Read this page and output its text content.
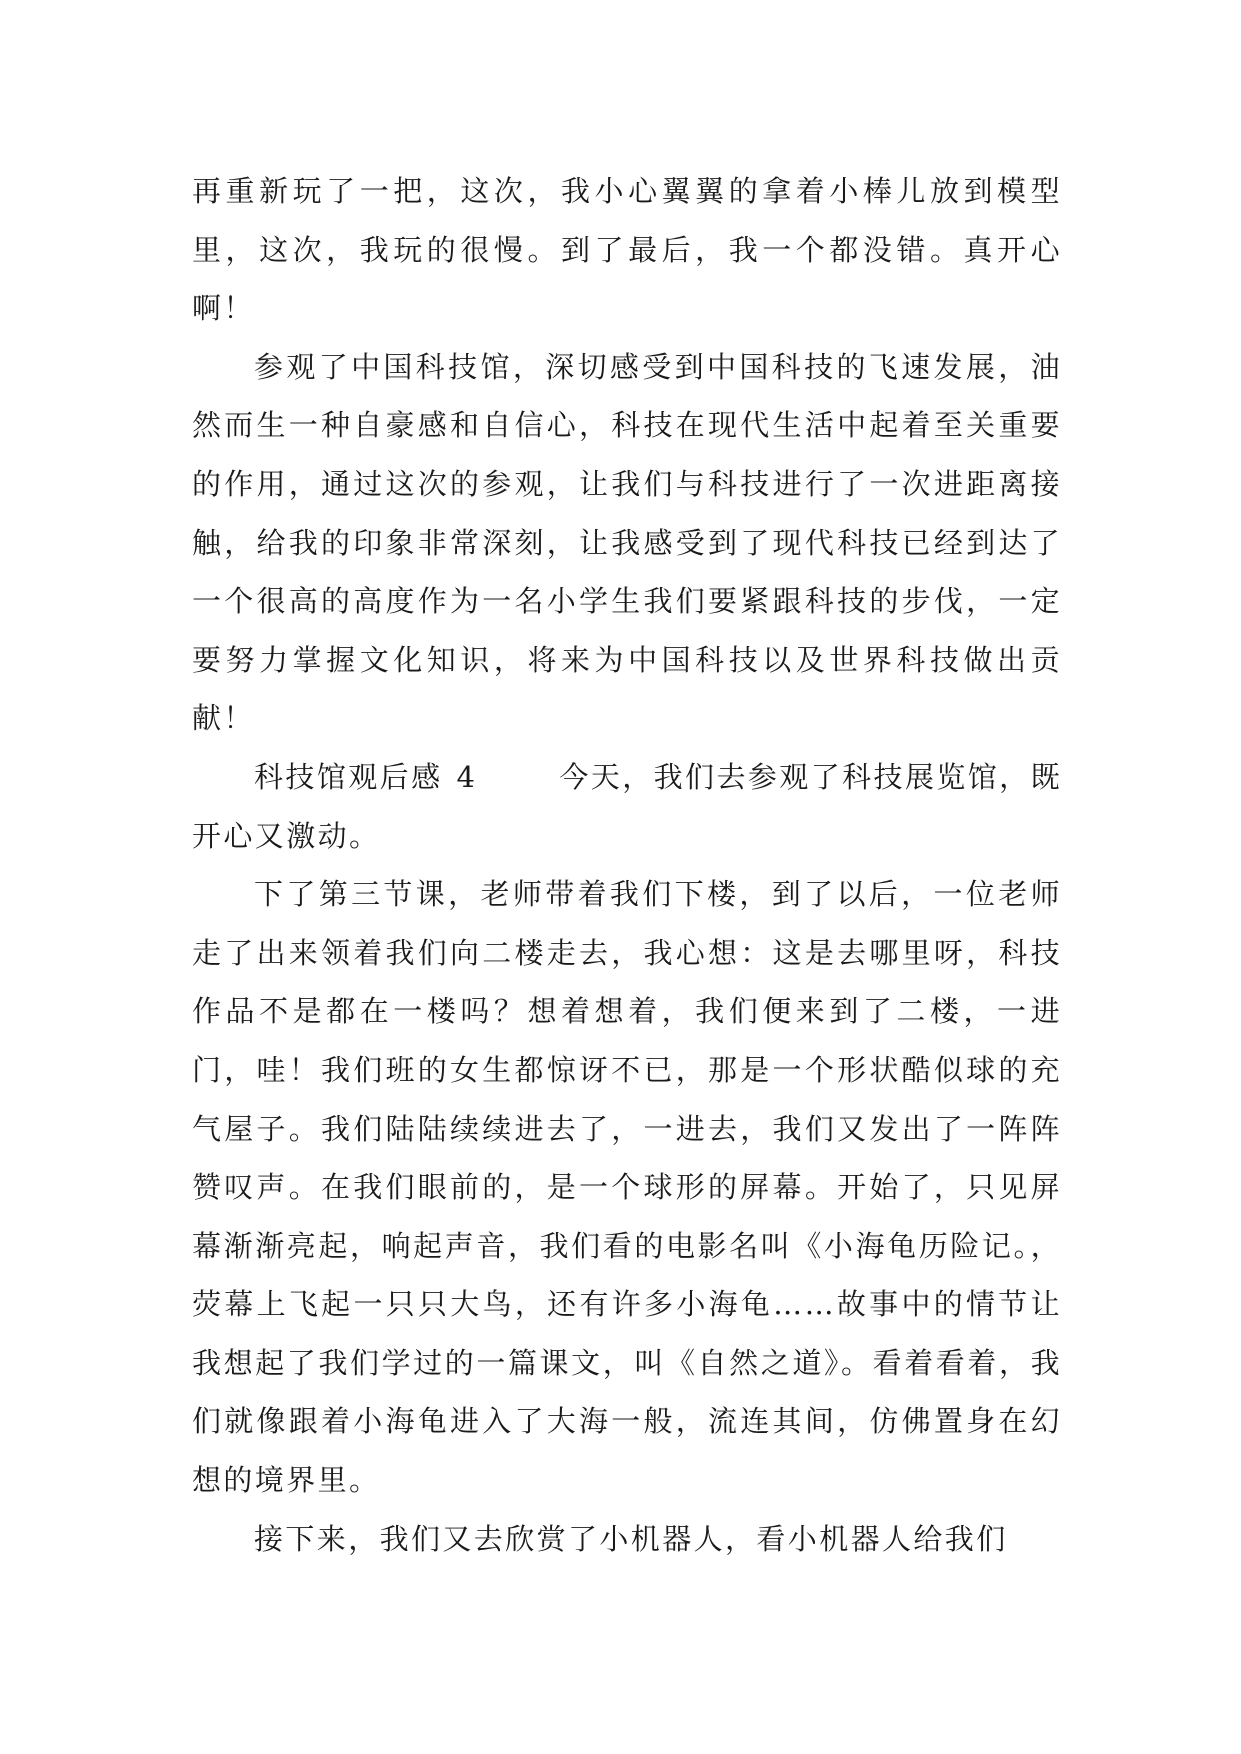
再重新玩了一把，这次，我小心翼翼的拿着小棒儿放到模型里，这次，我玩的很慢。到了最后，我一个都没错。真开心啊！

参观了中国科技馆，深切感受到中国科技的飞速发展，油然而生一种自豪感和自信心，科技在现代生活中起着至关重要的作用，通过这次的参观，让我们与科技进行了一次进距离接触，给我的印象非常深刻，让我感受到了现代科技已经到达了一个很高的高度作为一名小学生我们要紧跟科技的步伐，一定要努力掌握文化知识，将来为中国科技以及世界科技做出贡献！

科技馆观后感 4	今天，我们去参观了科技展览馆，既开心又激动。

下了第三节课，老师带着我们下楼，到了以后，一位老师走了出来领着我们向二楼走去，我心想：这是去哪里呀，科技作品不是都在一楼吗？想着想着，我们便来到了二楼，一进门，哇！我们班的女生都惊讶不已，那是一个形状酷似球的充气屋子。我们陆陆续续进去了，一进去，我们又发出了一阵阵赞叹声。在我们眼前的，是一个球形的屏幕。开始了，只见屏幕渐渐亮起，响起声音，我们看的电影名叫《小海龟历险记。，荧幕上飞起一只只大鸟，还有许多小海龟……故事中的情节让我想起了我们学过的一篇课文，叫《自然之道》。看着看着，我们就像跟着小海龟进入了大海一般，流连其间，仿佛置身在幻想的境界里。

接下来，我们又去欣赏了小机器人，看小机器人给我们
